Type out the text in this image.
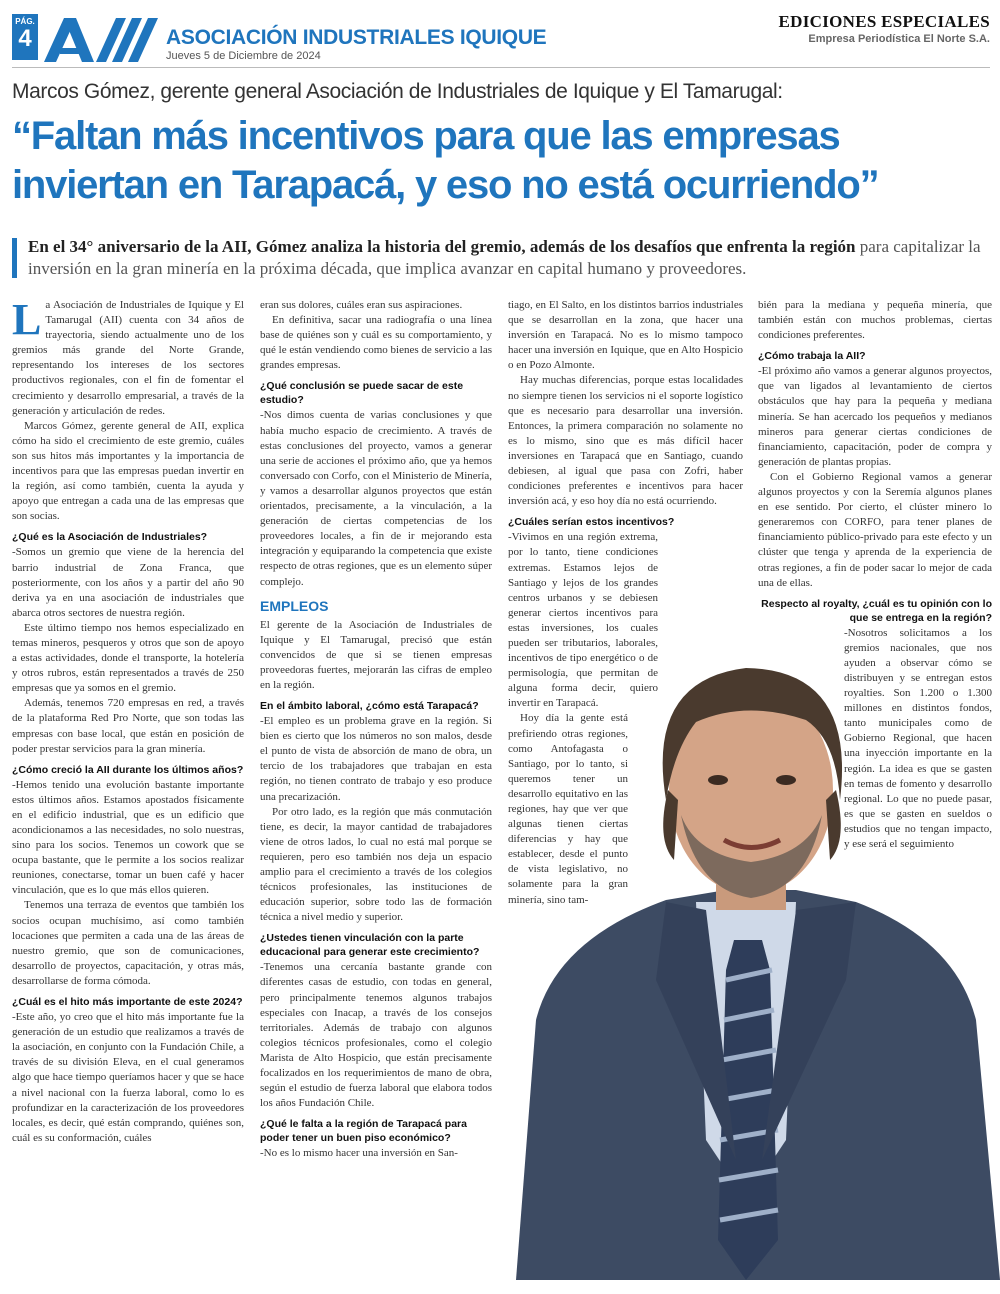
PÁG.
4	ASOCIACIÓN INDUSTRIALES IQUIQUE
Jueves 5 de Diciembre de 2024
EDICIONES ESPECIALES
Empresa Periodística El Norte S.A.
Marcos Gómez, gerente general Asociación de Industriales de Iquique y El Tamarugal:
“Faltan más incentivos para que las empresas inviertan en Tarapacá, y eso no está ocurriendo”
En el 34° aniversario de la AII, Gómez analiza la historia del gremio, además de los desafíos que enfrenta la región para capitalizar la inversión en la gran minería en la próxima década, que implica avanzar en capital humano y proveedores.
L a Asociación de Industriales de Iquique y El Tamarugal (AII) cuenta con 34 años de trayectoria, siendo actualmente uno de los gremios más grande del Norte Grande, representando los intereses de los sectores productivos regionales, con el fin de fomentar el crecimiento y desarrollo empresarial, a través de la generación y articulación de redes.

Marcos Gómez, gerente general de AII, explica cómo ha sido el crecimiento de este gremio, cuáles son sus hitos más importantes y la importancia de incentivos para que las empresas puedan invertir en la región, así como también, cuenta la ayuda y apoyo que entregan a cada una de las empresas que son socias.

¿Qué es la Asociación de Industriales?

-Somos un gremio que viene de la herencia del barrio industrial de Zona Franca, que posteriormente, con los años y a partir del año 90 deriva ya en una asociación de industriales que abarca otros sectores de nuestra región.

Este último tiempo nos hemos especializado en temas mineros, pesqueros y otros que son de apoyo a estas actividades, donde el transporte, la hotelería y otros rubros, están representados a través de 250 empresas que ya somos en el gremio.

Además, tenemos 720 empresas en red, a través de la plataforma Red Pro Norte, que son todas las empresas con base local, que están en posición de poder prestar servicios para la gran minería.

¿Cómo creció la AII durante los últimos años?

-Hemos tenido una evolución bastante importante estos últimos años. Estamos apostados físicamente en el edificio industrial, que es un edificio que acondicionamos a las necesidades, no solo nuestras, sino para los socios. Tenemos un cowork que se ocupa bastante, que le permite a los socios realizar reuniones, conectarse, tomar un buen café y hacer vinculación, que es lo que más ellos quieren.

Tenemos una terraza de eventos que también los socios ocupan muchísimo, así como también locaciones que permiten a cada una de las áreas de nuestro gremio, que son de comunicaciones, desarrollo de proyectos, capacitación, y otras más, desarrollarse de forma cómoda.

¿Cuál es el hito más importante de este 2024?

-Este año, yo creo que el hito más importante fue la generación de un estudio que realizamos a través de la asociación, en conjunto con la Fundación Chile, a través de su división Eleva, en el cual generamos algo que hace tiempo queríamos hacer y que se hace a nivel nacional con la fuerza laboral, como lo es profundizar en la caracterización de los proveedores locales, es decir, qué están comprando, quiénes son, cuál es su conformación, cuáles

eran sus dolores, cuáles eran sus aspiraciones.

En definitiva, sacar una radiografía o una línea base de quiénes son y cuál es su comportamiento, y qué le están vendiendo como bienes de servicio a las grandes empresas.

¿Qué conclusión se puede sacar de este estudio?

-Nos dimos cuenta de varias conclusiones y que había mucho espacio de crecimiento. A través de estas conclusiones del proyecto, vamos a generar una serie de acciones el próximo año, que ya hemos conversado con Corfo, con el Ministerio de Minería, y vamos a desarrollar algunos proyectos que están orientados, precisamente, a la vinculación, a la generación de ciertas competencias de los proveedores locales, a fin de ir mejorando esta integración y equiparando la competencia que existe respecto de otras regiones, que es un elemento súper complejo.

EMPLEOS

El gerente de la Asociación de Industriales de Iquique y El Tamarugal, precisó que están convencidos de que si se tienen empresas proveedoras fuertes, mejorarán las cifras de empleo en la región.

En el ámbito laboral, ¿cómo está Tarapacá?

-El empleo es un problema grave en la región. Si bien es cierto que los números no son malos, desde el punto de vista de absorción de mano de obra, un tercio de los trabajadores que trabajan en esta región, no tienen contrato de trabajo y eso produce una precarización.

Por otro lado, es la región que más conmutación tiene, es decir, la mayor cantidad de trabajadores viene de otros lados, lo cual no está mal porque se requieren, pero eso también nos deja un espacio amplio para el crecimiento a través de los colegios técnicos profesionales, las instituciones de educación superior, sobre todo las de formación técnica a nivel medio y superior.

¿Ustedes tienen vinculación con la parte educacional para generar este crecimiento?

-Tenemos una cercanía bastante grande con diferentes casas de estudio, con todas en general, pero principalmente tenemos algunos trabajos especiales con Inacap, a través de los consejos territoriales. Además de trabajo con algunos colegios técnicos profesionales, como el colegio Marista de Alto Hospicio, que están precisamente focalizados en los requerimientos de mano de obra, según el estudio de fuerza laboral que elabora todos los años Fundación Chile.

¿Qué le falta a la región de Tarapacá para poder tener un buen piso económico?

-No es lo mismo hacer una inversión en San-

tiago, en El Salto, en los distintos barrios industriales que se desarrollan en la zona, que hacer una inversión en Tarapacá. No es lo mismo tampoco hacer una inversión en Iquique, que en Alto Hospicio o en Pozo Almonte.

Hay muchas diferencias, porque estas localidades no siempre tienen los servicios ni el soporte logístico que es necesario para desarrollar una inversión. Entonces, la primera comparación no solamente no es lo mismo, sino que es más difícil hacer inversiones en Tarapacá que en Santiago, cuando debiesen, al igual que pasa con Zofri, haber condiciones preferentes e incentivos para hacer inversión acá, y eso hoy día no está ocurriendo.

¿Cuáles serían estos incentivos?

-Vivimos en una región extrema, por lo tanto, tiene condiciones extremas. Estamos lejos de Santiago y lejos de los grandes centros urbanos y se debiesen generar ciertos incentivos para estas inversiones, los cuales pueden ser tributarios, laborales, incentivos de tipo energético o de permisología, que permitan de alguna forma decir, quiero invertir en Tarapacá.

Hoy día la gente está prefiriendo otras regiones, como Antofagasta o Santiago, por lo tanto, si queremos tener un desarrollo equitativo en las regiones, hay que ver que algunas tienen ciertas diferencias y hay que establecer, desde el punto de vista legislativo, no solamente para la gran minería, sino tam-

bién para la mediana y pequeña minería, que también están con muchos problemas, ciertas condiciones preferentes.

¿Cómo trabaja la AII?

-El próximo año vamos a generar algunos proyectos, que van ligados al levantamiento de ciertos obstáculos que hay para la pequeña y mediana minería. Se han acercado los pequeños y medianos mineros para generar ciertas condiciones de financiamiento, capacitación, poder de compra y generación de plantas propias.

Con el Gobierno Regional vamos a generar algunos proyectos y con la Seremía algunos planes en ese sentido. Por cierto, el clúster minero lo generaremos con CORFO, para tener planes de financiamiento público-privado para este efecto y un clúster que tenga y aprenda de la experiencia de otras regiones, a fin de poder sacar lo mejor de cada una de ellas.

Respecto al royalty, ¿cuál es tu opinión con lo que se entrega en la región?

-Nosotros solicitamos a los gremios nacionales, que nos ayuden a observar cómo se distribuyen y se entregan estos royalties. Son 1.200 o 1.300 millones en distintos fondos, tanto municipales como de Gobierno Regional, que hacen una inyección importante en la región. La idea es que se gasten en temas de fomento y desarrollo regional. Lo que no puede pasar, es que se gasten en sueldos o estudios que no tengan impacto, y ese será el seguimiento
